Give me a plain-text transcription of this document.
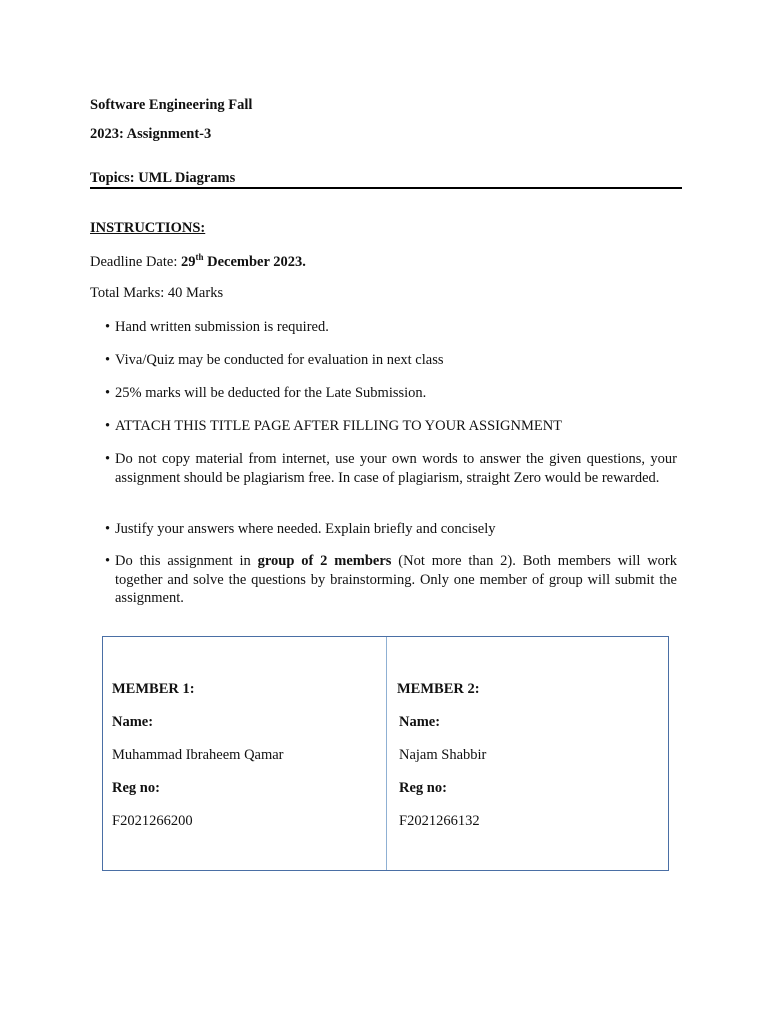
Software Engineering Fall
2023: Assignment-3
Topics: UML Diagrams
INSTRUCTIONS:
Deadline Date: 29th December 2023.
Total Marks: 40 Marks
• Hand written submission is required.
• Viva/Quiz may be conducted for evaluation in next class
• 25% marks will be deducted for the Late Submission.
• ATTACH THIS TITLE PAGE AFTER FILLING TO YOUR ASSIGNMENT
• Do not copy material from internet, use your own words to answer the given questions, your assignment should be plagiarism free. In case of plagiarism, straight Zero would be rewarded.
• Justify your answers where needed. Explain briefly and concisely
• Do this assignment in group of 2 members (Not more than 2). Both members will work together and solve the questions by brainstorming. Only one member of group will submit the assignment.
MEMBER 1:
Name:
Muhammad Ibraheem Qamar
Reg no:
F2021266200
MEMBER 2:
Name:
Najam Shabbir
Reg no:
F2021266132
